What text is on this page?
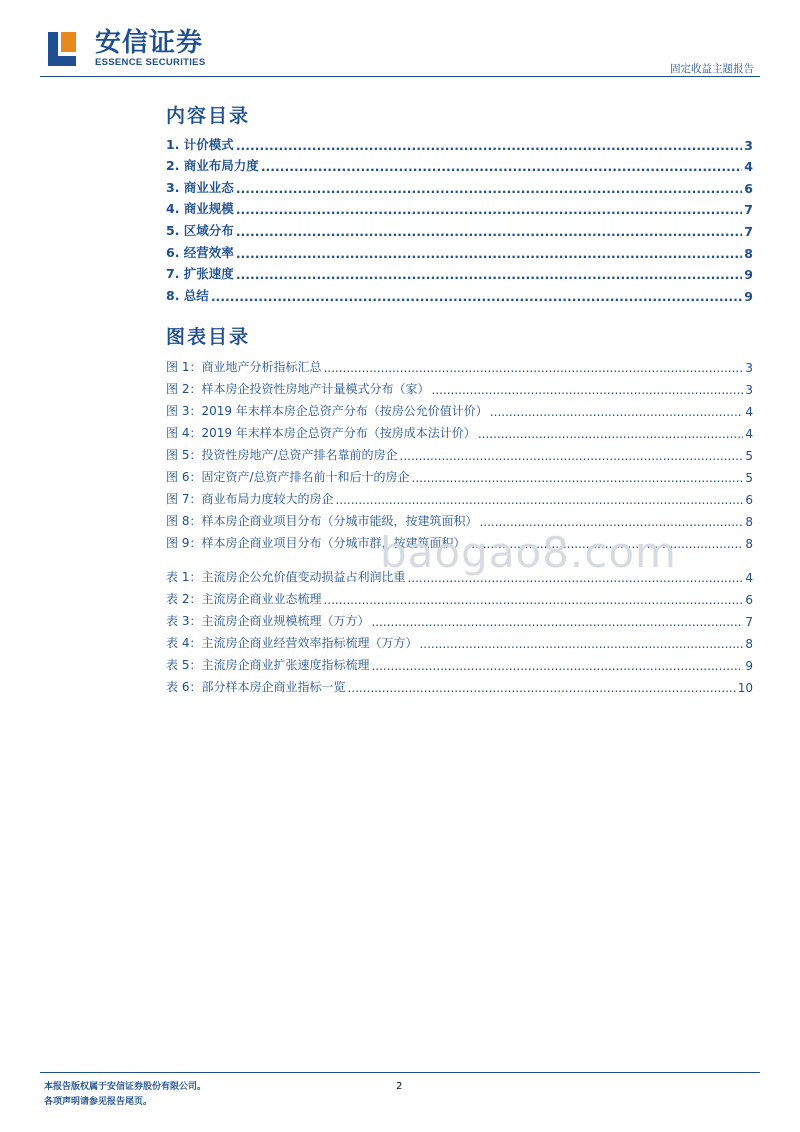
安信证券
ESSENCE SECURITIES
固定收益主题报告
内容目录
1. 计价模式 .....	3
2. 商业布局力度 .....	4
3. 商业业态 .....	6
4. 商业规模 .....	7
5. 区域分布 .....	7
6. 经营效率 .....	8
7. 扩张速度 .....	9
8. 总结 .....	9
图表目录
图 1：商业地产分析指标汇总 .....	3
图 2：样本房企投资性房地产计量模式分布（家） .....	3
图 3：2019 年末样本房企总资产分布（按房公允价值计价） .....	4
图 4：2019 年末样本房企总资产分布（按房成本法计价） .....	4
图 5：投资性房地产/总资产排名靠前的房企 .....	5
图 6：固定资产/总资产排名前十和后十的房企 .....	5
图 7：商业布局力度较大的房企 .....	6
图 8：样本房企商业项目分布（分城市能级，按建筑面积） .....	8
图 9：样本房企商业项目分布（分城市群，按建筑面积） .....	8
表 1：主流房企公允价值变动损益占利润比重 .....	4
表 2：主流房企商业业态梳理 .....	6
表 3：主流房企商业规模梳理（万方） .....	7
表 4：主流房企商业经营效率指标梳理（万方） .....	8
表 5：主流房企商业扩张速度指标梳理 .....	9
表 6：部分样本房企商业指标一览 .....	10
baogao8.com
本报告版权属于安信证券股份有限公司。
各项声明请参见报告尾页。
2
